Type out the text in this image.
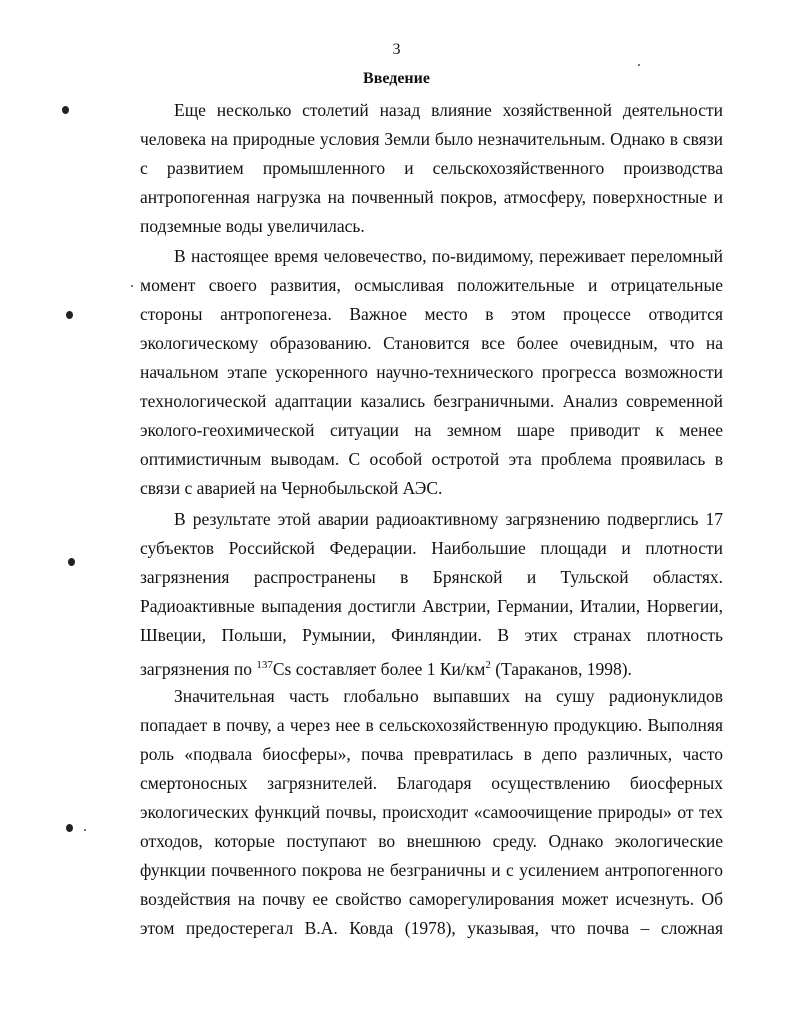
3
Введение
Еще несколько столетий назад влияние хозяйственной деятельности
человека на природные условия Земли было незначительным. Однако в связи
с развитием промышленного и сельскохозяйственного производства
антропогенная нагрузка на почвенный покров, атмосферу, поверхностные и
подземные воды увеличилась.
В настоящее время человечество, по-видимому, переживает переломный
момент своего развития, осмысливая положительные и отрицательные
стороны антропогенеза. Важное место в этом процессе отводится
экологическому образованию. Становится все более очевидным, что на
начальном этапе ускоренного научно-технического прогресса возможности
технологической адаптации казались безграничными. Анализ современной
эколого-геохимической ситуации на земном шаре приводит к менее
оптимистичным выводам. С особой остротой эта проблема проявилась в
связи с аварией на Чернобыльской АЭС.
В результате этой аварии радиоактивному загрязнению подверглись 17
субъектов Российской Федерации. Наибольшие площади и плотности
загрязнения распространены в Брянской и Тульской областях.
Радиоактивные выпадения достигли Австрии, Германии, Италии, Норвегии,
Швеции, Польши, Румынии, Финляндии. В этих странах плотность
загрязнения по $^{137}$Cs составляет более 1 $Ки/км^2$ (Тараканов, 1998).
Значительная часть глобально выпавших на сушу радионуклидов
попадает в почву, а через нее в сельскохозяйственную продукцию. Выполняя
роль «подвала биосферы», почва превратилась в депо различных, часто
смертоносных загрязнителей. Благодаря осуществлению биосферных
экологических функций почвы, происходит «самоочищение природы» от тех
отходов, которые поступают во внешнюю среду. Однако экологические
функции почвенного покрова не безграничны и с усилением антропогенного
воздействия на почву ее свойство саморегулирования может исчезнуть. Об
этом предостерегал В.А. Ковда (1978), указывая, что почва – сложная
